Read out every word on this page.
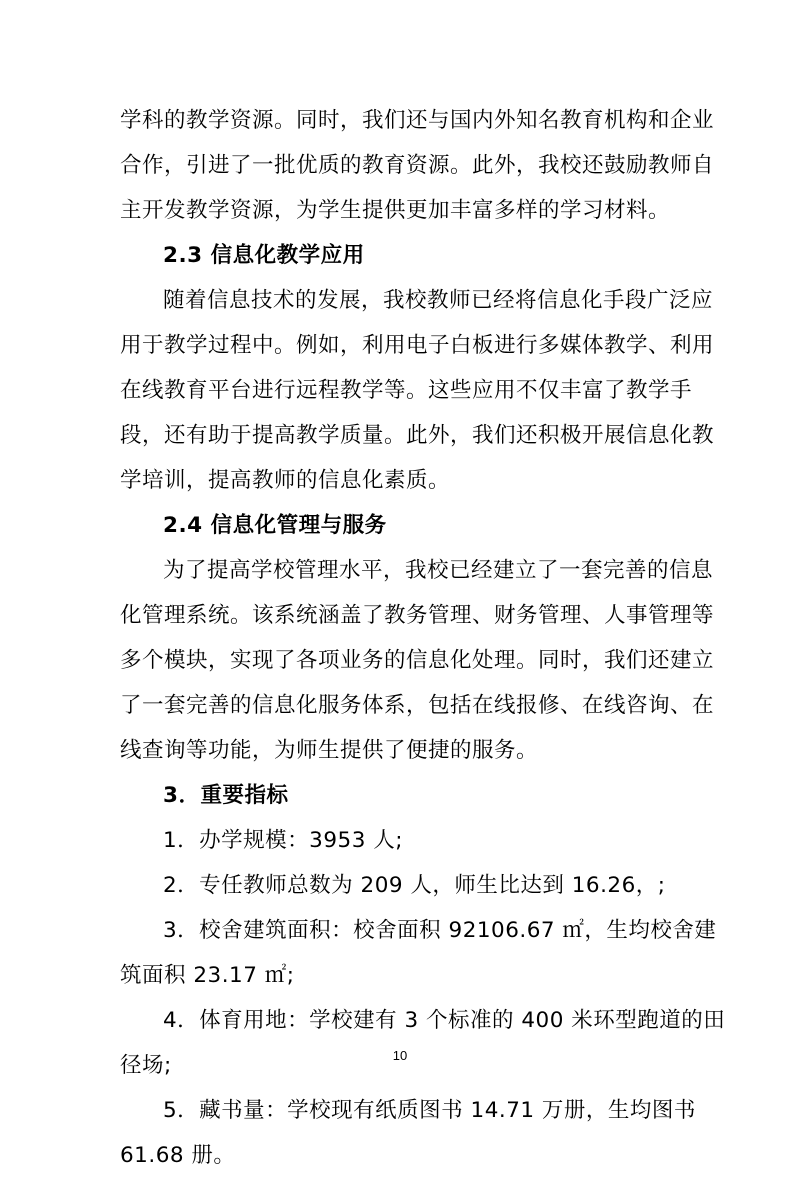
学科的教学资源。同时，我们还与国内外知名教育机构和企业
合作，引进了一批优质的教育资源。此外，我校还鼓励教师自
主开发教学资源，为学生提供更加丰富多样的学习材料。
2.3 信息化教学应用
随着信息技术的发展，我校教师已经将信息化手段广泛应
用于教学过程中。例如，利用电子白板进行多媒体教学、利用
在线教育平台进行远程教学等。这些应用不仅丰富了教学手
段，还有助于提高教学质量。此外，我们还积极开展信息化教
学培训，提高教师的信息化素质。
2.4 信息化管理与服务
为了提高学校管理水平，我校已经建立了一套完善的信息
化管理系统。该系统涵盖了教务管理、财务管理、人事管理等
多个模块，实现了各项业务的信息化处理。同时，我们还建立
了一套完善的信息化服务体系，包括在线报修、在线咨询、在
线查询等功能，为师生提供了便捷的服务。
3．重要指标
1．办学规模：3953 人;
2．专任教师总数为 209 人，师生比达到 16.26，;
3．校舍建筑面积：校舍面积 92106.67 ㎡，生均校舍建
筑面积 23.17 ㎡;
4．体育用地：学校建有 3 个标准的 400 米环型跑道的田
径场;
5．藏书量：学校现有纸质图书 14.71 万册，生均图书
61.68 册。
10
